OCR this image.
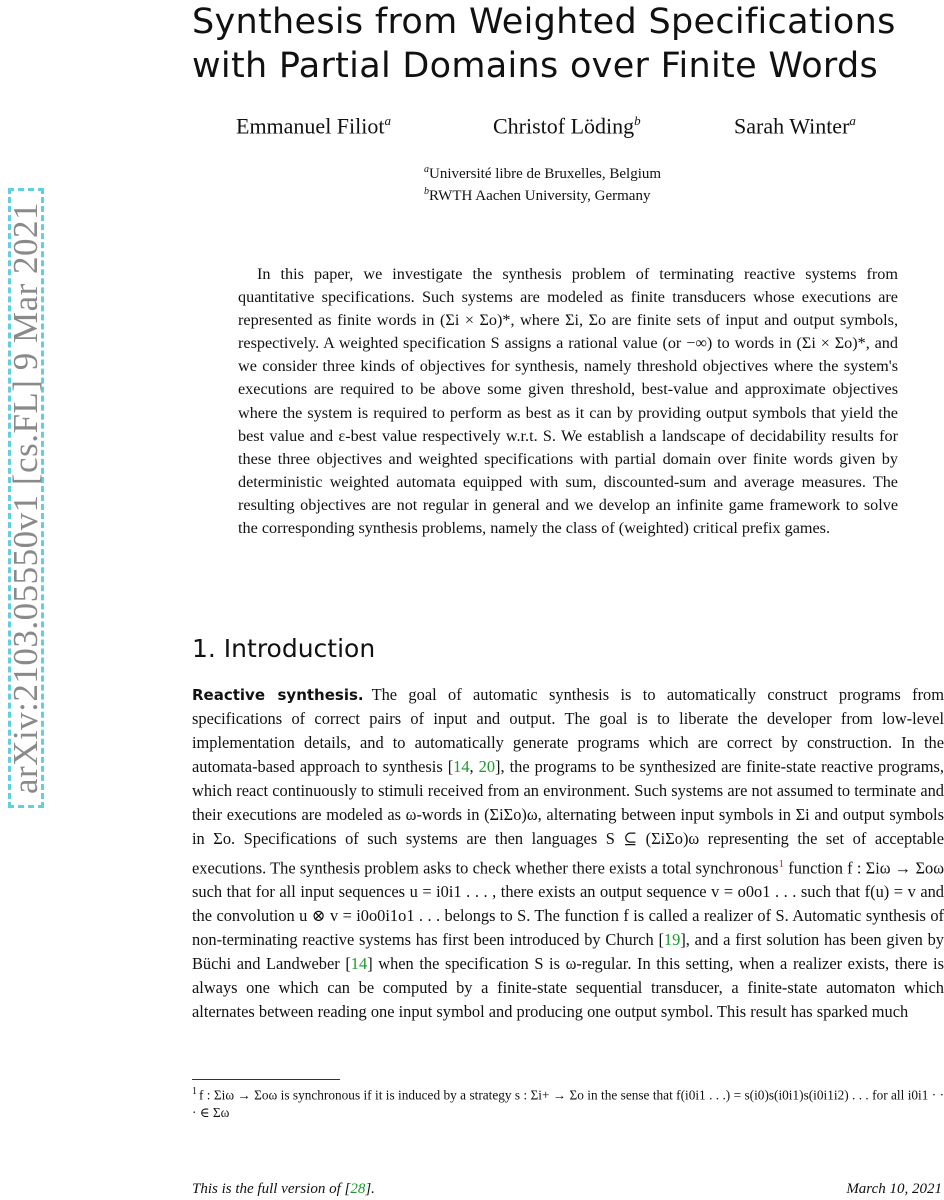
arXiv:2103.05550v1 [cs.FL] 9 Mar 2021
Synthesis from Weighted Specifications
with Partial Domains over Finite Words
Emmanuel Filiot$^a$	Christof Löding$^b$	Sarah Winter$^a$
$^a$Université libre de Bruxelles, Belgium
$^b$RWTH Aachen University, Germany

In this paper, we investigate the synthesis problem of terminating reactive systems from quantitative specifications. Such systems are modeled as finite transducers whose executions are represented as finite words in (Σi × Σo)*, where Σi, Σo are finite sets of input and output symbols, respectively. A weighted specification S assigns a rational value (or −∞) to words in (Σi × Σo)*, and we consider three kinds of objectives for synthesis, namely threshold objectives where the system's executions are required to be above some given threshold, best-value and approximate objectives where the system is required to perform as best as it can by providing output symbols that yield the best value and ε-best value respectively w.r.t. S. We establish a landscape of decidability results for these three objectives and weighted specifications with partial domain over finite words given by deterministic weighted automata equipped with sum, discounted-sum and average measures. The resulting objectives are not regular in general and we develop an infinite game framework to solve the corresponding synthesis problems, namely the class of (weighted) critical prefix games.

1. Introduction

Reactive synthesis. The goal of automatic synthesis is to automatically construct programs from specifications of correct pairs of input and output. The goal is to liberate the developer from low-level implementation details, and to automatically generate programs which are correct by construction. In the automata-based approach to synthesis [14, 20], the programs to be synthesized are finite-state reactive programs, which react continuously to stimuli received from an environment. Such systems are not assumed to terminate and their executions are modeled as ω-words in (ΣiΣo)ω, alternating between input symbols in Σi and output symbols in Σo. Specifications of such systems are then languages S ⊆ (ΣiΣo)ω representing the set of acceptable executions. The synthesis problem asks to check whether there exists a total synchronous$^1$ function f : Σiω → Σoω such that for all input sequences u = i0i1 . . . , there exists an output sequence v = o0o1 . . . such that f(u) = v and the convolution u ⊗ v = i0o0i1o1 . . . belongs to S. The function f is called a realizer of S. Automatic synthesis of non-terminating reactive systems has first been introduced by Church [19], and a first solution has been given by Büchi and Landweber [14] when the specification S is ω-regular. In this setting, when a realizer exists, there is always one which can be computed by a finite-state sequential transducer, a finite-state automaton which alternates between reading one input symbol and producing one output symbol. This result has sparked much

$^1$ f : Σiω → Σoω is synchronous if it is induced by a strategy s : Σi+ → Σo in the sense that f(i0i1 . . .) = s(i0)s(i0i1)s(i0i1i2) . . . for all i0i1 · · · ∈ Σω
This is the full version of [28].	March 10, 2021
